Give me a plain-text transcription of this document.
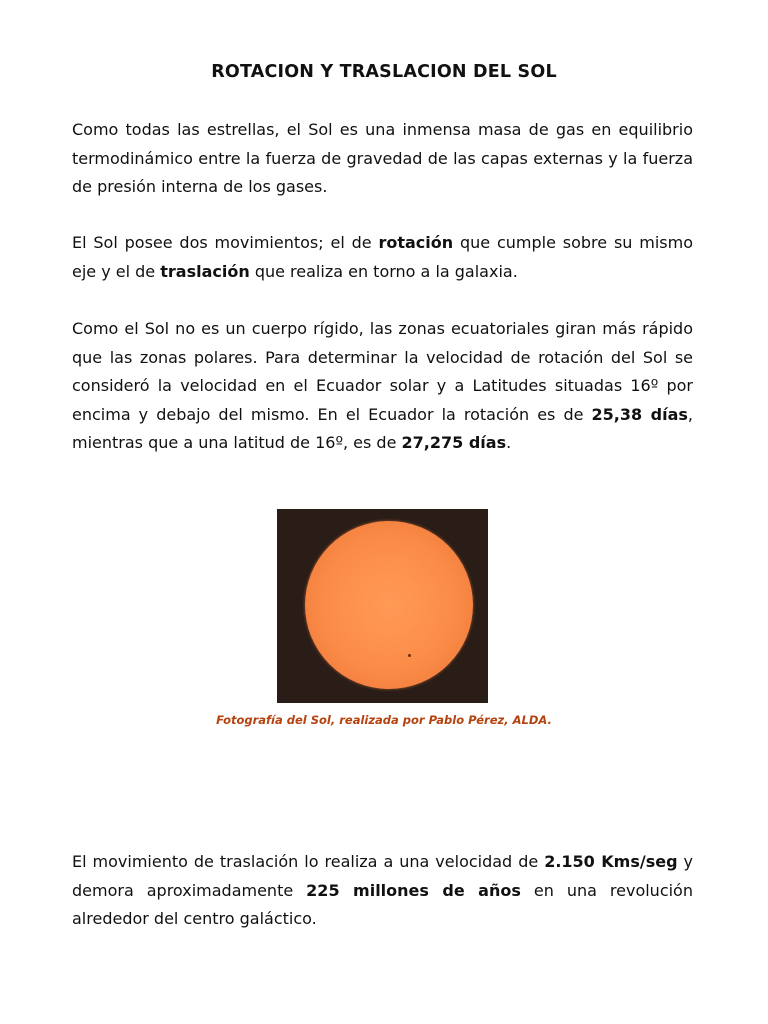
ROTACION Y TRASLACION DEL SOL

Como todas las estrellas, el Sol es una inmensa masa de gas en equilibrio termodinámico entre la fuerza de gravedad de las capas externas y la fuerza de presión interna de los gases.

El Sol posee dos movimientos; el de rotación que cumple sobre su mismo eje y el de traslación que realiza en torno a la galaxia.

Como el Sol no es un cuerpo rígido, las zonas ecuatoriales giran más rápido que las zonas polares. Para determinar la velocidad de rotación del Sol se consideró la velocidad en el Ecuador solar y a Latitudes situadas 16º por encima y debajo del mismo. En el Ecuador la rotación es de 25,38 días, mientras que a una latitud de 16º, es de 27,275 días.

Fotografía del Sol, realizada por Pablo Pérez, ALDA.

El movimiento de traslación lo realiza a una velocidad de 2.150 Kms/seg y demora aproximadamente 225 millones de años en una revolución alrededor del centro galáctico.
